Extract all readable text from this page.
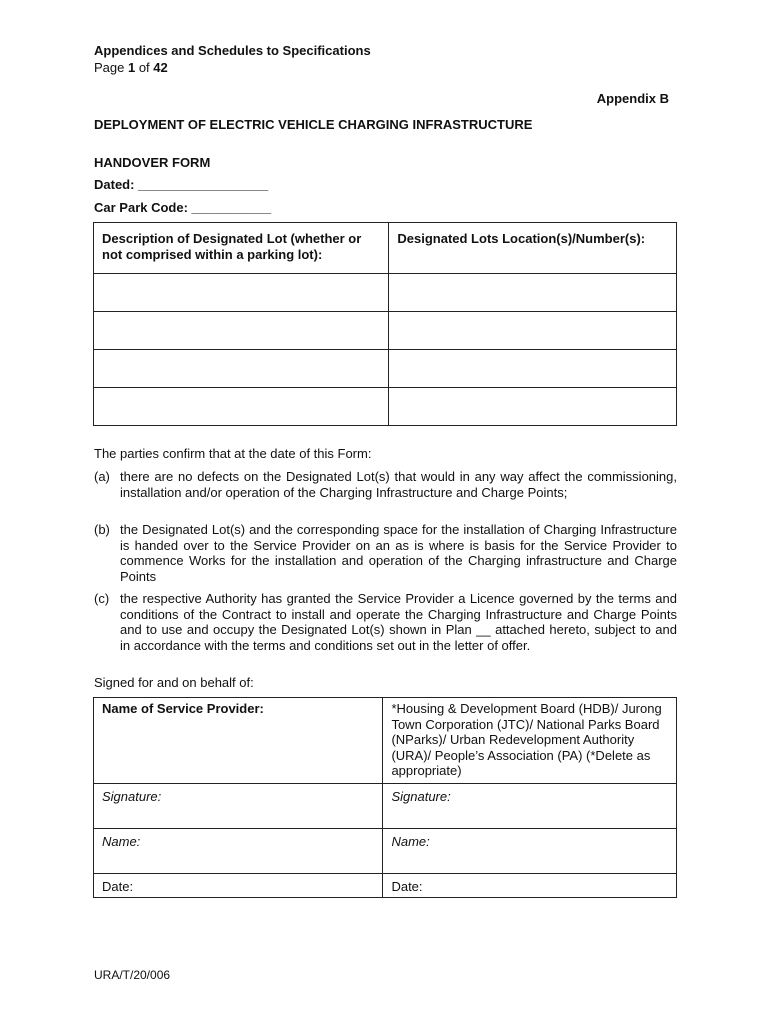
Appendices and Schedules to Specifications
Page 1 of 42
Appendix B
DEPLOYMENT OF ELECTRIC VEHICLE CHARGING INFRASTRUCTURE
HANDOVER FORM
Dated: __________________
Car Park Code: ___________
Description of Designated Lot (whether or not comprised within a parking lot):	Designated Lots Location(s)/Number(s):

The parties confirm that at the date of this Form:
(a) there are no defects on the Designated Lot(s) that would in any way affect the commissioning, installation and/or operation of the Charging Infrastructure and Charge Points;
(b) the Designated Lot(s) and the corresponding space for the installation of Charging Infrastructure is handed over to the Service Provider on an as is where is basis for the Service Provider to commence Works for the installation and operation of the Charging infrastructure and Charge Points
(c) the respective Authority has granted the Service Provider a Licence governed by the terms and conditions of the Contract to install and operate the Charging Infrastructure and Charge Points and to use and occupy the Designated Lot(s) shown in Plan __ attached hereto, subject to and in accordance with the terms and conditions set out in the letter of offer.
Signed for and on behalf of:
Name of Service Provider:	*Housing & Development Board (HDB)/ Jurong Town Corporation (JTC)/ National Parks Board (NParks)/ Urban Redevelopment Authority (URA)/ People’s Association (PA) (*Delete as appropriate)
Signature:	Signature:
Name:	Name:
Date:	Date:
URA/T/20/006
